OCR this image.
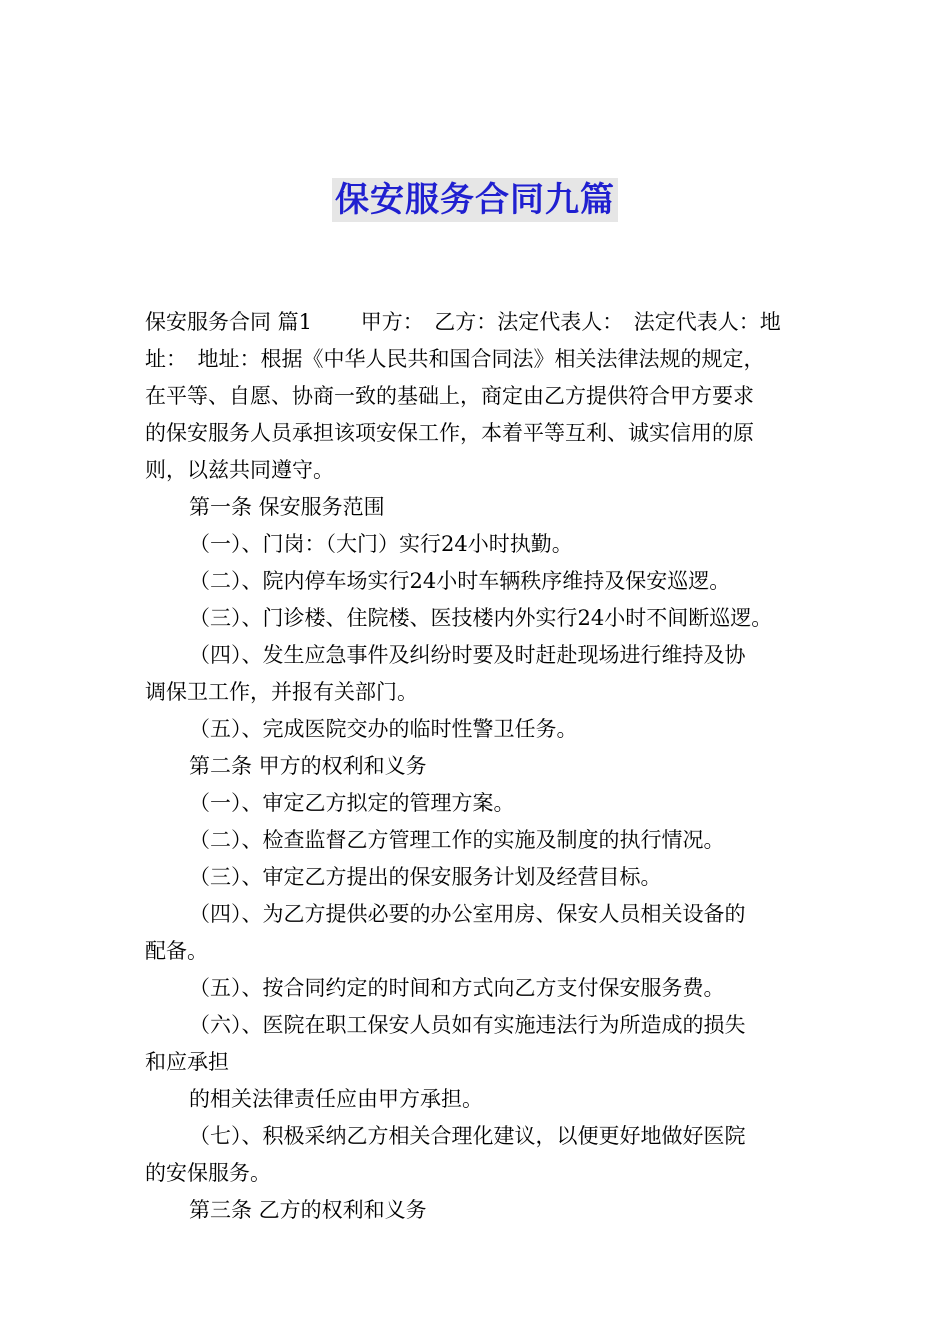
保安服务合同九篇
保安服务合同 篇1　　 甲方：　乙方：法定代表人：　法定代表人：地
址：　地址：根据《中华人民共和国合同法》相关法律法规的规定，
在平等、自愿、协商一致的基础上，商定由乙方提供符合甲方要求
的保安服务人员承担该项安保工作，本着平等互利、诚实信用的原
则，以兹共同遵守。
第一条 保安服务范围
（一）、门岗：（大门）实行24小时执勤。
（二）、院内停车场实行24小时车辆秩序维持及保安巡逻。
（三）、门诊楼、住院楼、医技楼内外实行24小时不间断巡逻。
（四）、发生应急事件及纠纷时要及时赶赴现场进行维持及协
调保卫工作，并报有关部门。
（五）、完成医院交办的临时性警卫任务。
第二条 甲方的权利和义务
（一）、审定乙方拟定的管理方案。
（二）、检查监督乙方管理工作的实施及制度的执行情况。
（三）、审定乙方提出的保安服务计划及经营目标。
（四）、为乙方提供必要的办公室用房、保安人员相关设备的
配备。
（五）、按合同约定的时间和方式向乙方支付保安服务费。
（六）、医院在职工保安人员如有实施违法行为所造成的损失
和应承担
的相关法律责任应由甲方承担。
（七）、积极采纳乙方相关合理化建议，以便更好地做好医院
的安保服务。
第三条 乙方的权利和义务
